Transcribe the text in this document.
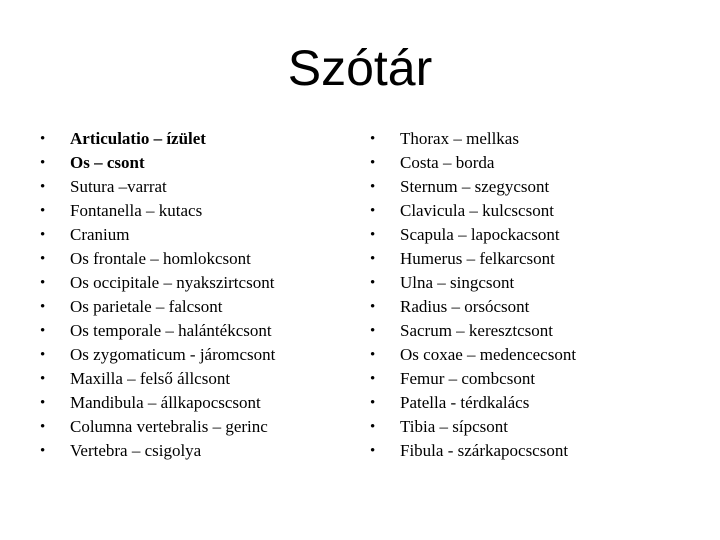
Szótár
•	Articulatio – ízület
•	Os – csont
•	Sutura –varrat
•	Fontanella – kutacs
•	Cranium
•	Os frontale – homlokcsont
•	Os occipitale – nyakszirtcsont
•	Os parietale – falcsont
•	Os temporale – halántékcsont
•	Os zygomaticum - járomcsont
•	Maxilla – felső állcsont
•	Mandibula – állkapocscsont
•	Columna vertebralis – gerinc
•	Vertebra – csigolya
•	Thorax – mellkas
•	Costa – borda
•	Sternum – szegycsont
•	Clavicula – kulcscsont
•	Scapula – lapockacsont
•	Humerus – felkarcsont
•	Ulna – singcsont
•	Radius – orsócsont
•	Sacrum – keresztcsont
•	Os coxae – medencecsont
•	Femur – combcsont
•	Patella - térdkalács
•	Tibia – sípcsont
•	Fibula - szárkapocscsont
